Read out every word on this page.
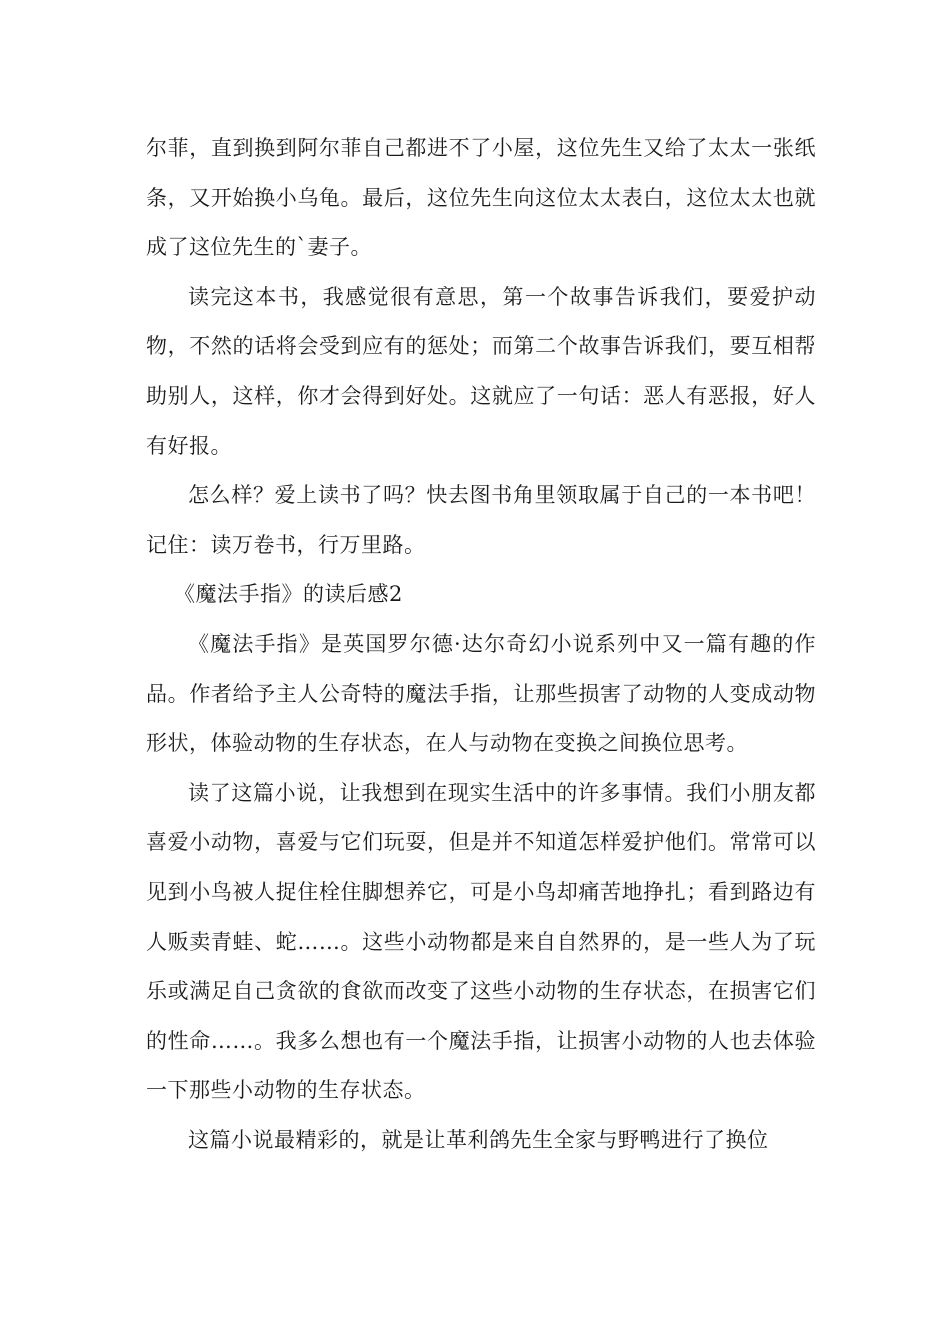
尔菲，直到换到阿尔菲自己都进不了小屋，这位先生又给了太太一张纸条，又开始换小乌龟。最后，这位先生向这位太太表白，这位太太也就成了这位先生的`妻子。

读完这本书，我感觉很有意思，第一个故事告诉我们，要爱护动物，不然的话将会受到应有的惩处；而第二个故事告诉我们，要互相帮助别人，这样，你才会得到好处。这就应了一句话：恶人有恶报，好人有好报。

怎么样？爱上读书了吗？快去图书角里领取属于自己的一本书吧！记住：读万卷书，行万里路。

《魔法手指》的读后感2

《魔法手指》是英国罗尔德·达尔奇幻小说系列中又一篇有趣的作品。作者给予主人公奇特的魔法手指，让那些损害了动物的人变成动物形状，体验动物的生存状态，在人与动物在变换之间换位思考。

读了这篇小说，让我想到在现实生活中的许多事情。我们小朋友都喜爱小动物，喜爱与它们玩耍，但是并不知道怎样爱护他们。常常可以见到小鸟被人捉住栓住脚想养它，可是小鸟却痛苦地挣扎；看到路边有人贩卖青蛙、蛇……。这些小动物都是来自自然界的，是一些人为了玩乐或满足自己贪欲的食欲而改变了这些小动物的生存状态，在损害它们的性命……。我多么想也有一个魔法手指，让损害小动物的人也去体验一下那些小动物的生存状态。

这篇小说最精彩的，就是让革利鸽先生全家与野鸭进行了换位
